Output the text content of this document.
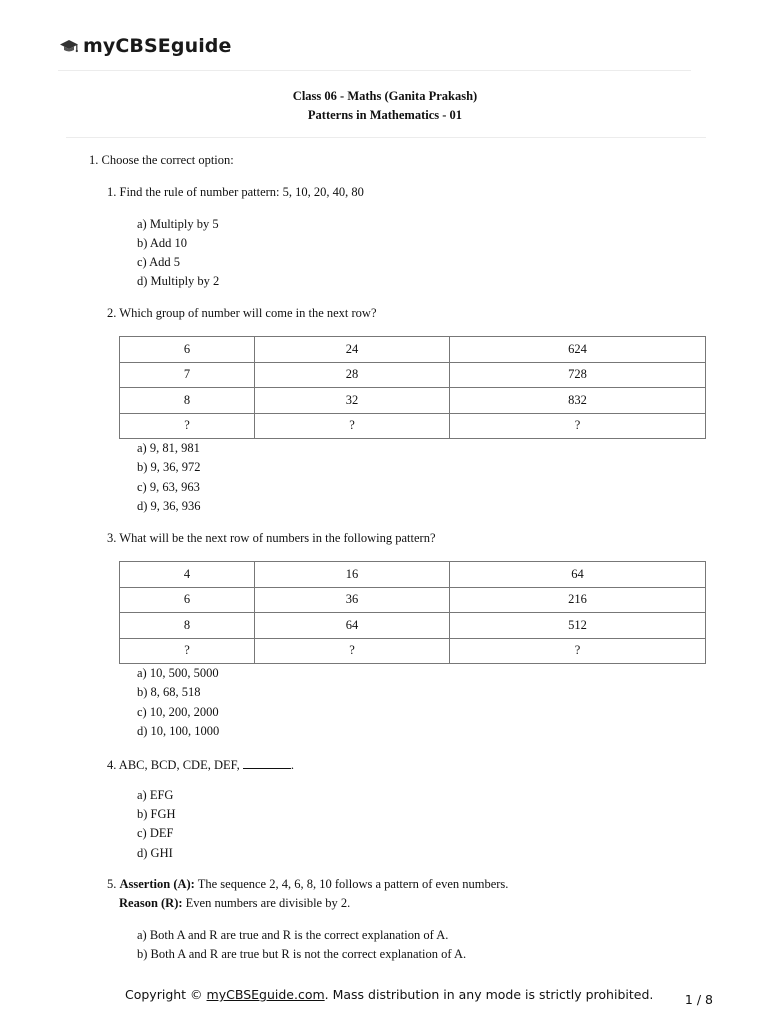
myCBSEguide
Class 06 - Maths (Ganita Prakash)
Patterns in Mathematics - 01
1. Choose the correct option:
1. Find the rule of number pattern: 5, 10, 20, 40, 80
a) Multiply by 5
b) Add 10
c) Add 5
d) Multiply by 2
2. Which group of number will come in the next row?
6	24	624
7	28	728
8	32	832
?	?	?
a) 9, 81, 981
b) 9, 36, 972
c) 9, 63, 963
d) 9, 36, 936
3. What will be the next row of numbers in the following pattern?
4	16	64
6	36	216
8	64	512
?	?	?
a) 10, 500, 5000
b) 8, 68, 518
c) 10, 200, 2000
d) 10, 100, 1000
4. ABC, BCD, CDE, DEF,	.
a) EFG
b) FGH
c) DEF
d) GHI
5. Assertion (A): The sequence 2, 4, 6, 8, 10 follows a pattern of even numbers.
Reason (R): Even numbers are divisible by 2.
a) Both A and R are true and R is the correct explanation of A.
b) Both A and R are true but R is not the correct explanation of A.
Copyright © myCBSEguide.com. Mass distribution in any mode is strictly prohibited.	1 / 8
